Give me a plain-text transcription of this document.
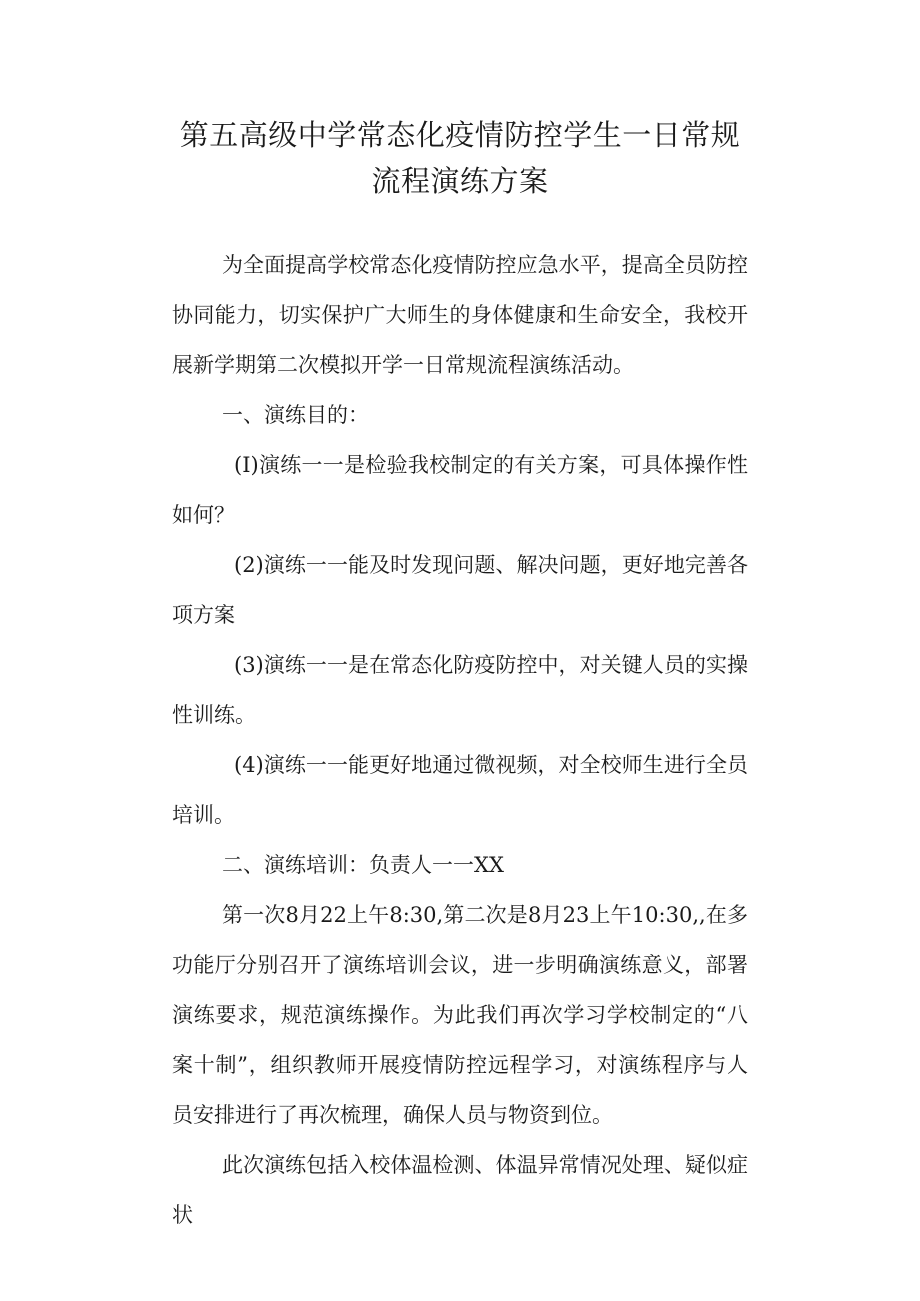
第五高级中学常态化疫情防控学生一日常规流程演练方案

为全面提高学校常态化疫情防控应急水平，提高全员防控协同能力，切实保护广大师生的身体健康和生命安全，我校开展新学期第二次模拟开学一日常规流程演练活动。

一、演练目的：

(I)演练一一是检验我校制定的有关方案，可具体操作性如何？

(2)演练一一能及时发现问题、解决问题，更好地完善各项方案

(3)演练一一是在常态化防疫防控中，对关键人员的实操性训练。

(4)演练一一能更好地通过微视频，对全校师生进行全员培训。

二、演练培训：负责人一一XX

第一次8月22上午8:30,第二次是8月23上午10:30,,在多功能厅分别召开了演练培训会议，进一步明确演练意义，部署演练要求，规范演练操作。为此我们再次学习学校制定的“八案十制”，组织教师开展疫情防控远程学习，对演练程序与人员安排进行了再次梳理，确保人员与物资到位。

此次演练包括入校体温检测、体温异常情况处理、疑似症状
